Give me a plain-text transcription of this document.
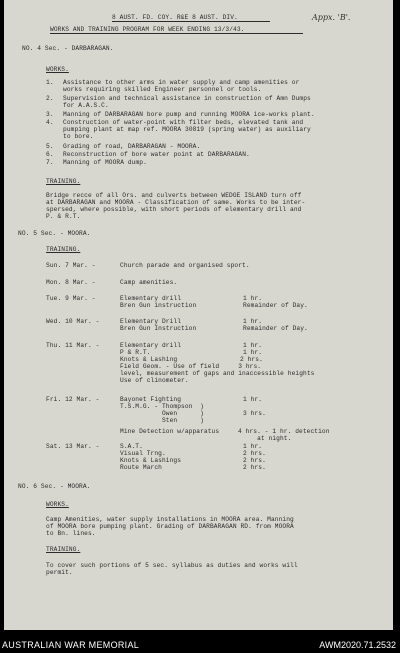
8 AUST. FD. COY. R&E 8 AUST. DIV.
WORKS AND TRAINING PROGRAM FOR WEEK ENDING 13/3/43.
Appx. 'B'.
NO. 4 Sec. - DARBARAGAN.
WORKS.
1. Assistance to other arms in water supply and camp amenities or
works requiring skilled Engineer personnel or tools.
2. Supervision and technical assistance in construction of Amn Dumps
for A.A.S.C.
3. Manning of DARBARAGAN bore pump and running MOORA ice-works plant.
4. Construction of water-point with filter beds, elevated tank and
pumping plant at map ref. MOORA 30819 (spring water) as auxiliary
to bore.
5. Grading of road, DARBARAGAN - MOORA.
6. Reconstruction of bore water point at DARBARAGAN.
7. Manning of MOORA dump.
TRAINING.
Bridge recce of all Ors. and culverts between WEDGE ISLAND turn off
at DARBARAGAN and MOORA - Classification of same. Works to be inter-
spersed, where possible, with short periods of elementary drill and
P. & R.T.
NO. 5 Sec. - MOORA.
TRAINING.
Sun. 7 Mar. -	Church parade and organised sport.
Mon. 8 Mar. -	Camp amenities.
Tue. 9 Mar. -	Elementary drill	1 hr.
Bren Gun instruction	Remainder of Day.
Wed. 10 Mar. -	Elementary Drill	1 hr.
Bren Gun Instruction	Remainder of Day.
Thu. 11 Mar. -	Elementary drill	1 hr.
P & R.T.	1 hr.
Knots & Lashing	2 hrs.
Field Geom. - Use of field     3 hrs.
level, measurement of gaps and inaccessible heights
Use of clinometer.
Fri. 12 Mar. -	Bayonet Fighting	1 hr.
T.S.M.G. - Thompson  )
Owen      )	3 hrs.
Sten      )
Mine Detection w/apparatus	4 hrs. - 1 hr. detection
at night.
Sat. 13 Mar. -	S.A.T.	1 hr.
Visual Trng.	2 hrs.
Knots & Lashings	2 hrs.
Route March	2 hrs.
NO. 6 Sec. - MOORA.
WORKS.
Camp Amenities, water supply installations in MOORA area. Manning
of MOORA bore pumping plant. Grading of DARBARAGAN RD. from MOORA
to Bn. lines.
TRAINING.
To cover such portions of 5 sec. syllabus as duties and works will
permit.
AUSTRALIAN WAR MEMORIAL	AWM2020.71.2532
